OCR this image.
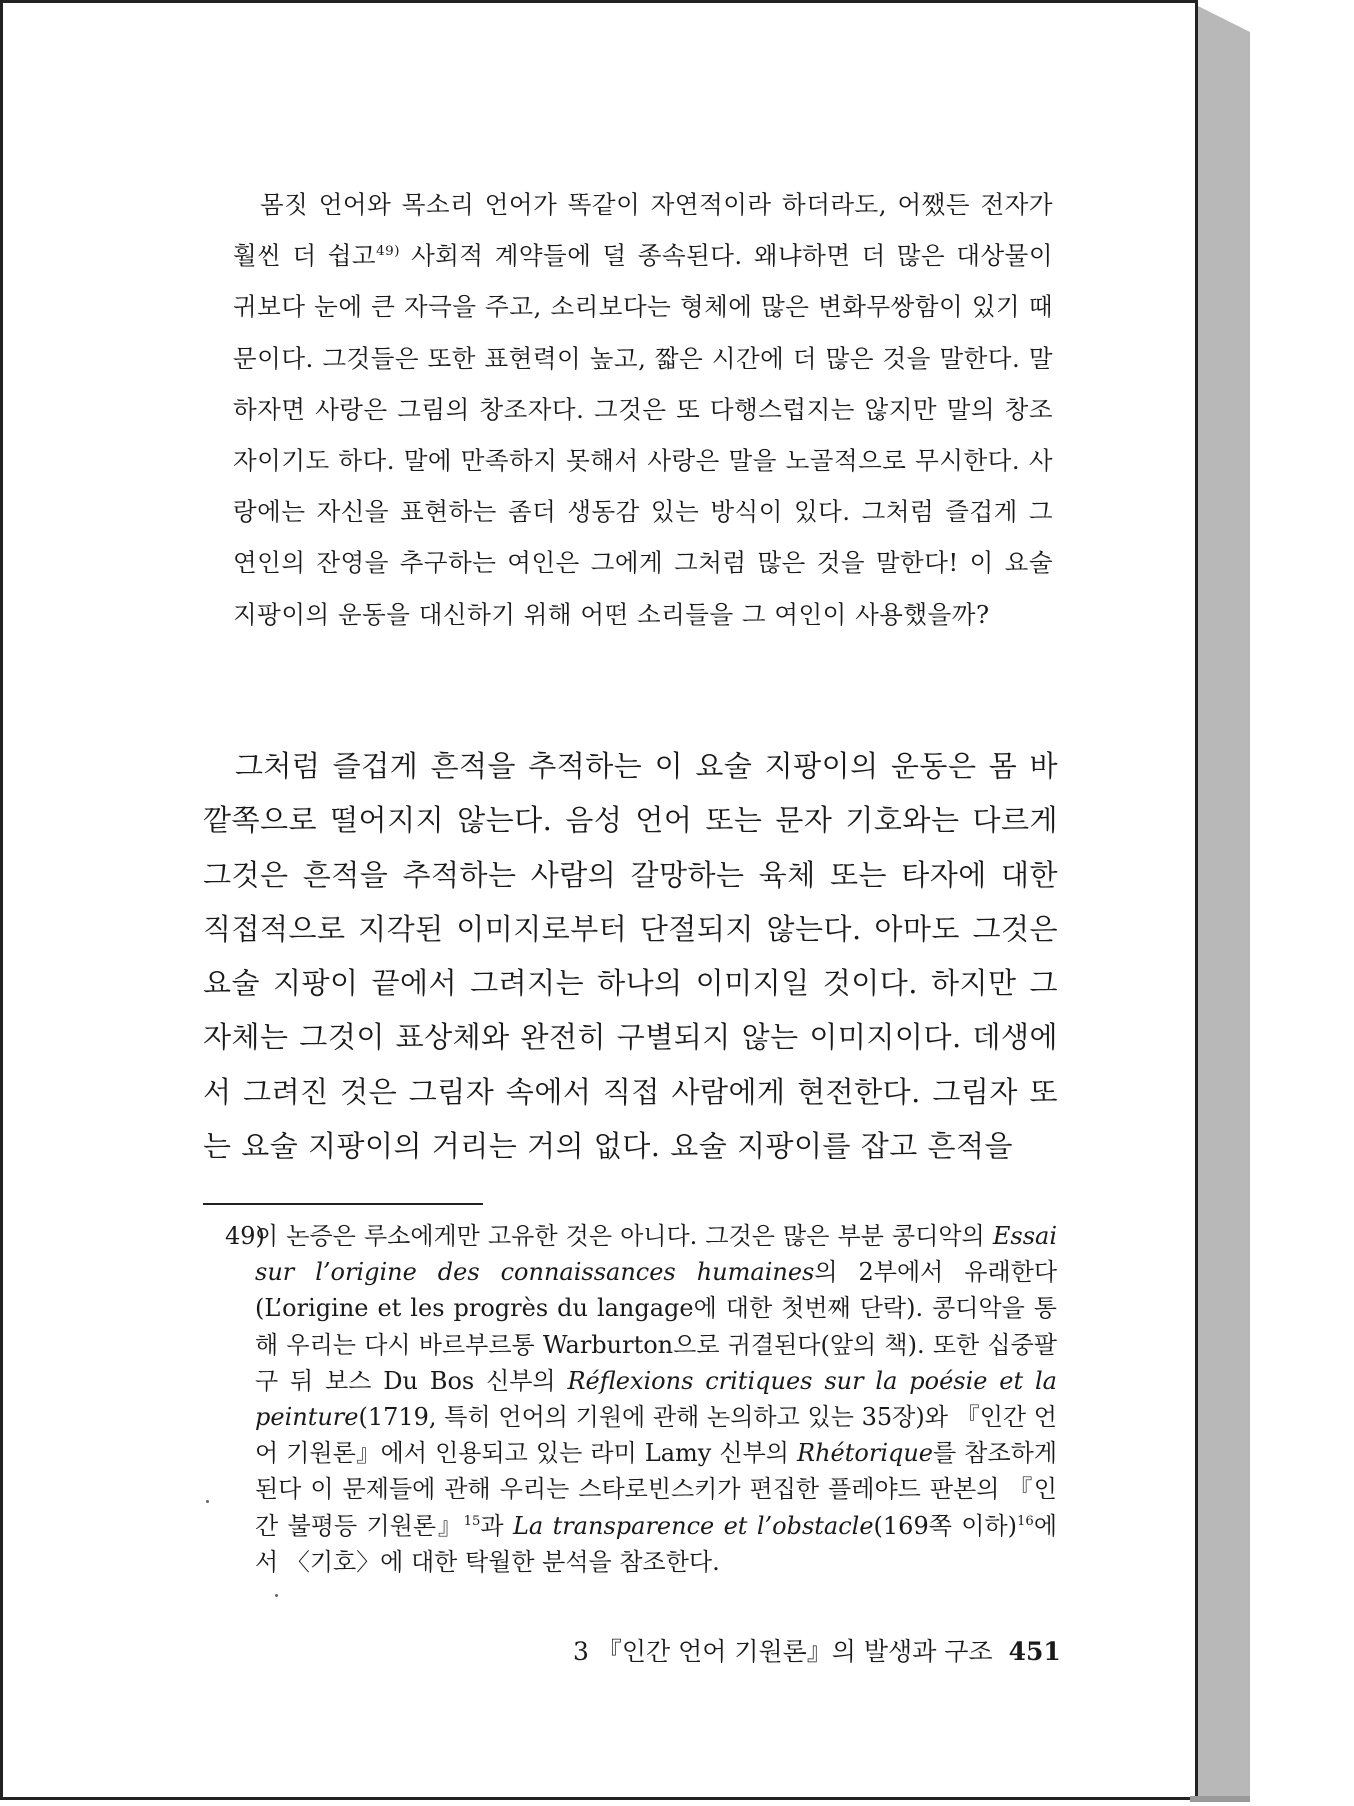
몸짓 언어와 목소리 언어가 똑같이 자연적이라 하더라도, 어쨌든 전자가 훨씬 더 쉽고$^{49)}$ 사회적 계약들에 덜 종속된다. 왜냐하면 더 많은 대상물이 귀보다 눈에 큰 자극을 주고, 소리보다는 형체에 많은 변화무쌍함이 있기 때문이다. 그것들은 또한 표현력이 높고, 짧은 시간에 더 많은 것을 말한다. 말하자면 사랑은 그림의 창조자다. 그것은 또 다행스럽지는 않지만 말의 창조자이기도 하다. 말에 만족하지 못해서 사랑은 말을 노골적으로 무시한다. 사랑에는 자신을 표현하는 좀더 생동감 있는 방식이 있다. 그처럼 즐겁게 그 연인의 잔영을 추구하는 여인은 그에게 그처럼 많은 것을 말한다! 이 요술 지팡이의 운동을 대신하기 위해 어떤 소리들을 그 여인이 사용했을까?

그처럼 즐겁게 흔적을 추적하는 이 요술 지팡이의 운동은 몸 바깥쪽으로 떨어지지 않는다. 음성 언어 또는 문자 기호와는 다르게 그것은 흔적을 추적하는 사람의 갈망하는 육체 또는 타자에 대한 직접적으로 지각된 이미지로부터 단절되지 않는다. 아마도 그것은 요술 지팡이 끝에서 그려지는 하나의 이미지일 것이다. 하지만 그 자체는 그것이 표상체와 완전히 구별되지 않는 이미지이다. 데생에서 그려진 것은 그림자 속에서 직접 사람에게 현전한다. 그림자 또는 요술 지팡이의 거리는 거의 없다. 요술 지팡이를 잡고 흔적을

49)
이 논증은 루소에게만 고유한 것은 아니다. 그것은 많은 부분 콩디악의 Essai sur l’origine des connaissances humaines의 2부에서 유래한다(L’origine et les progrès du langage에 대한 첫번째 단락). 콩디악을 통해 우리는 다시 바르부르통 Warburton으로 귀결된다(앞의 책). 또한 십중팔구 뒤 보스 Du Bos 신부의 Réflexions critiques sur la poésie et la peinture(1719, 특히 언어의 기원에 관해 논의하고 있는 35장)와 『인간 언어 기원론』에서 인용되고 있는 라미 Lamy 신부의 Rhétorique를 참조하게 된다 이 문제들에 관해 우리는 스타로빈스키가 편집한 플레야드 판본의 『인간 불평등 기원론』$^{15}$과 La transparence et l’obstacle(169쪽 이하)$^{16}$에서 〈기호〉에 대한 탁월한 분석을 참조한다.

3 『인간 언어 기원론』의 발생과 구조 451
